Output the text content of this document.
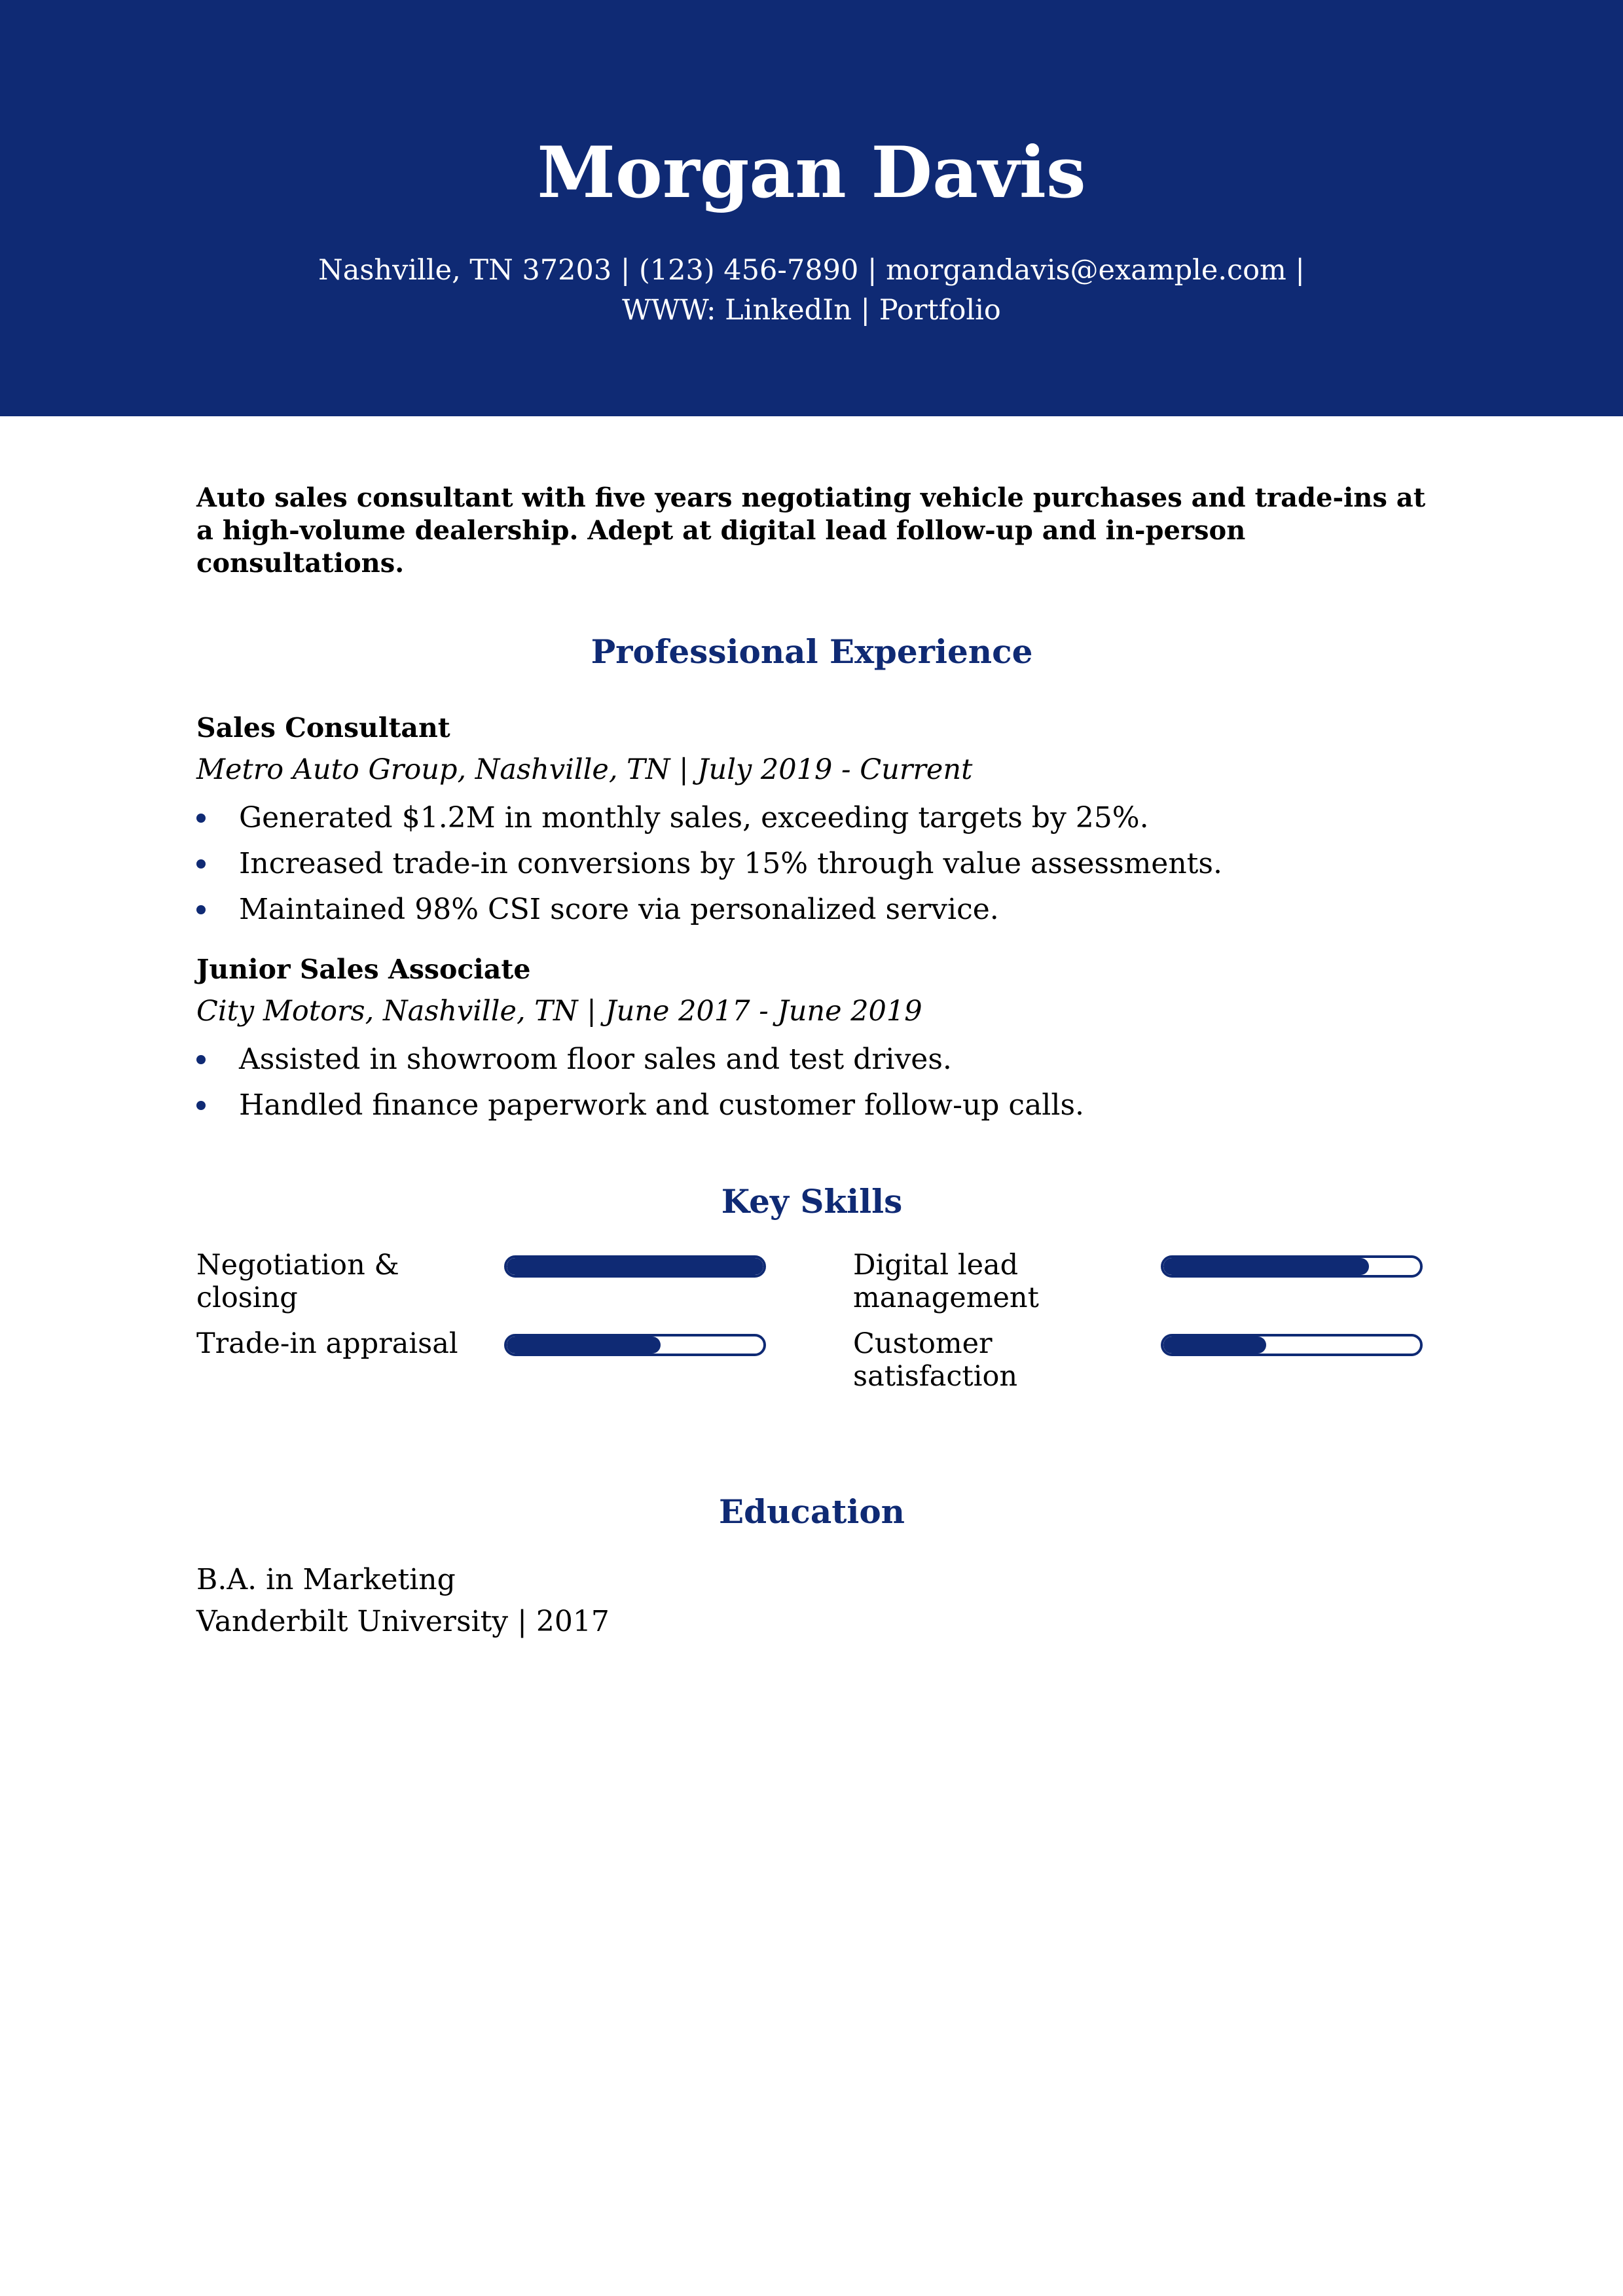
Morgan Davis
Nashville, TN 37203 | (123) 456-7890 | morgandavis@example.com |
WWW: LinkedIn | Portfolio

Auto sales consultant with five years negotiating vehicle purchases and trade-ins at a high-volume dealership. Adept at digital lead follow-up and in-person consultations.

Professional Experience
Sales Consultant
Metro Auto Group, Nashville, TN | July 2019 - Current
Generated $1.2M in monthly sales, exceeding targets by 25%.
Increased trade-in conversions by 15% through value assessments.
Maintained 98% CSI score via personalized service.
Junior Sales Associate
City Motors, Nashville, TN | June 2017 - June 2019
Assisted in showroom floor sales and test drives.
Handled finance paperwork and customer follow-up calls.
Key Skills
Negotiation & closing
Digital lead management
Trade-in appraisal	Customer satisfaction
Education
B.A. in Marketing
Vanderbilt University | 2017
